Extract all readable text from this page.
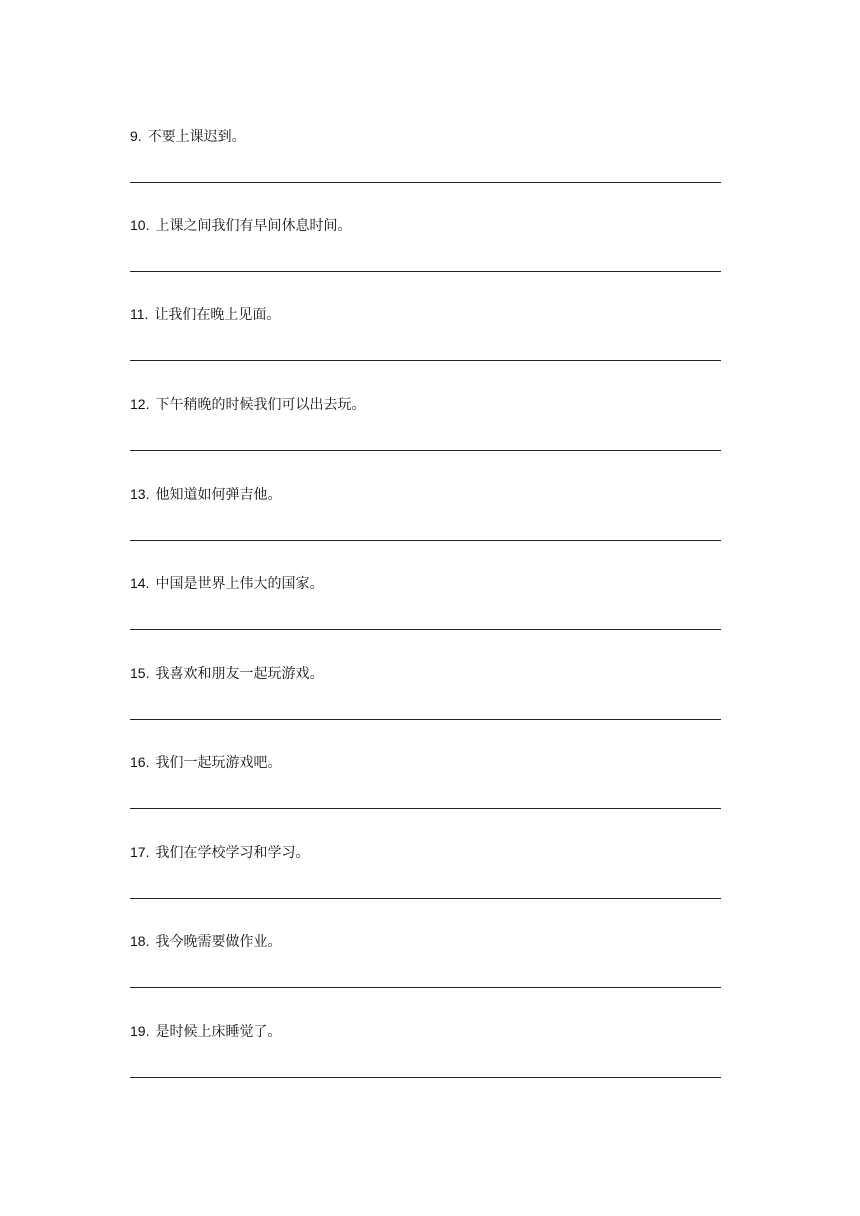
9. 不要上课迟到。
10. 上课之间我们有早间休息时间。
11. 让我们在晚上见面。
12. 下午稍晚的时候我们可以出去玩。
13. 他知道如何弹吉他。
14. 中国是世界上伟大的国家。
15. 我喜欢和朋友一起玩游戏。
16. 我们一起玩游戏吧。
17. 我们在学校学习和学习。
18. 我今晚需要做作业。
19. 是时候上床睡觉了。
